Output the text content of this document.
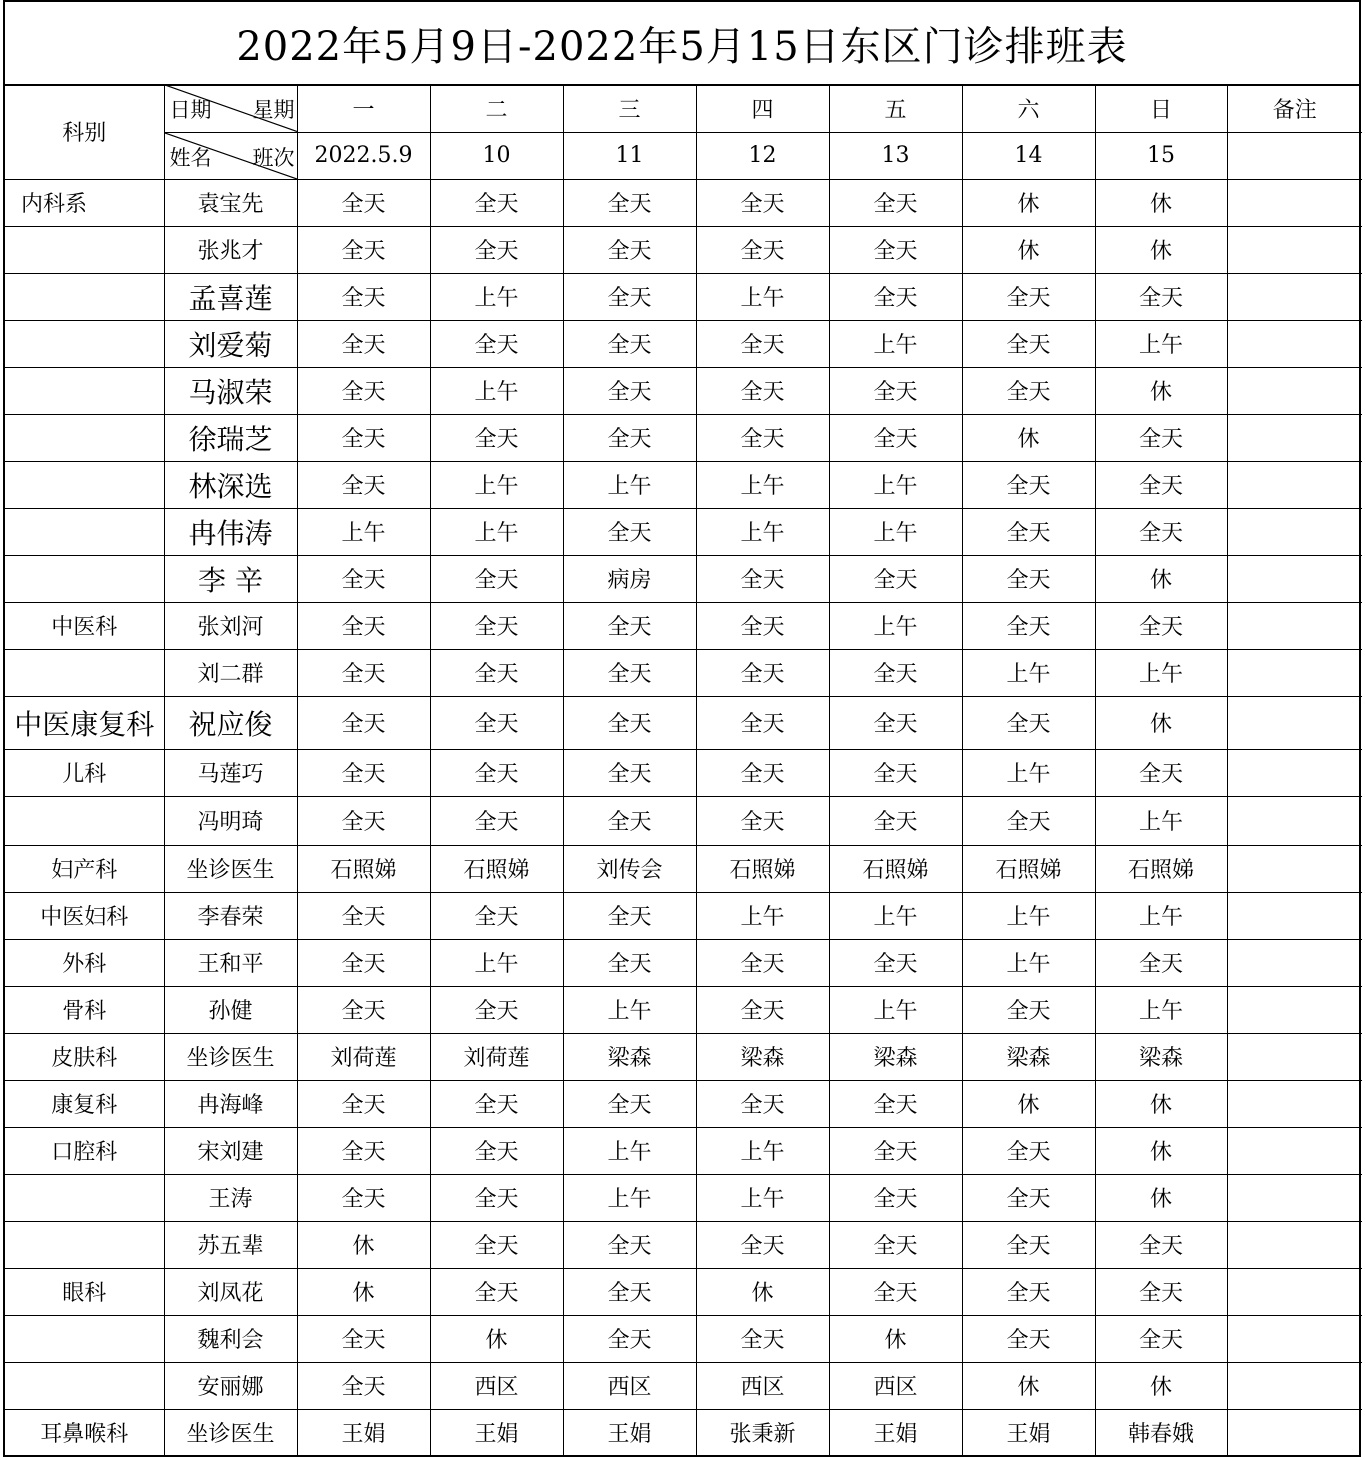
2022年5月9日-2022年5月15日东区门诊排班表
科别	日期 星期	一	二	三	四	五	六	日	备注

	姓名 班次	2022.5.9	10	11	12	13	14	15	
内科系	袁宝先	全天	全天	全天	全天	全天	休	休	
	张兆才	全天	全天	全天	全天	全天	休	休	
	孟喜莲	全天	上午	全天	上午	全天	全天	全天	
	刘爱菊	全天	全天	全天	全天	上午	全天	上午	
	马淑荣	全天	上午	全天	全天	全天	全天	休	
	徐瑞芝	全天	全天	全天	全天	全天	休	全天	
	林深选	全天	上午	上午	上午	上午	全天	全天	
	冉伟涛	上午	上午	全天	上午	上午	全天	全天	
	李 辛	全天	全天	病房	全天	全天	全天	休	
中医科	张刘河	全天	全天	全天	全天	上午	全天	全天	
	刘二群	全天	全天	全天	全天	全天	上午	上午	
中医康复科	祝应俊	全天	全天	全天	全天	全天	全天	休	
儿科	马莲巧	全天	全天	全天	全天	全天	上午	全天	
	冯明琦	全天	全天	全天	全天	全天	全天	上午	
妇产科	坐诊医生	石照娣	石照娣	刘传会	石照娣	石照娣	石照娣	石照娣	
中医妇科	李春荣	全天	全天	全天	上午	上午	上午	上午	
外科	王和平	全天	上午	全天	全天	全天	上午	全天	
骨科	孙健	全天	全天	上午	全天	上午	全天	上午	
皮肤科	坐诊医生	刘荷莲	刘荷莲	梁森	梁森	梁森	梁森	梁森	
康复科	冉海峰	全天	全天	全天	全天	全天	休	休	
口腔科	宋刘建	全天	全天	上午	上午	全天	全天	休	
	王涛	全天	全天	上午	上午	全天	全天	休	
	苏五辈	休	全天	全天	全天	全天	全天	全天	
眼科	刘凤花	休	全天	全天	休	全天	全天	全天	
	魏利会	全天	休	全天	全天	休	全天	全天	
	安丽娜	全天	西区	西区	西区	西区	休	休	
耳鼻喉科	坐诊医生	王娟	王娟	王娟	张秉新	王娟	王娟	韩春娥	
